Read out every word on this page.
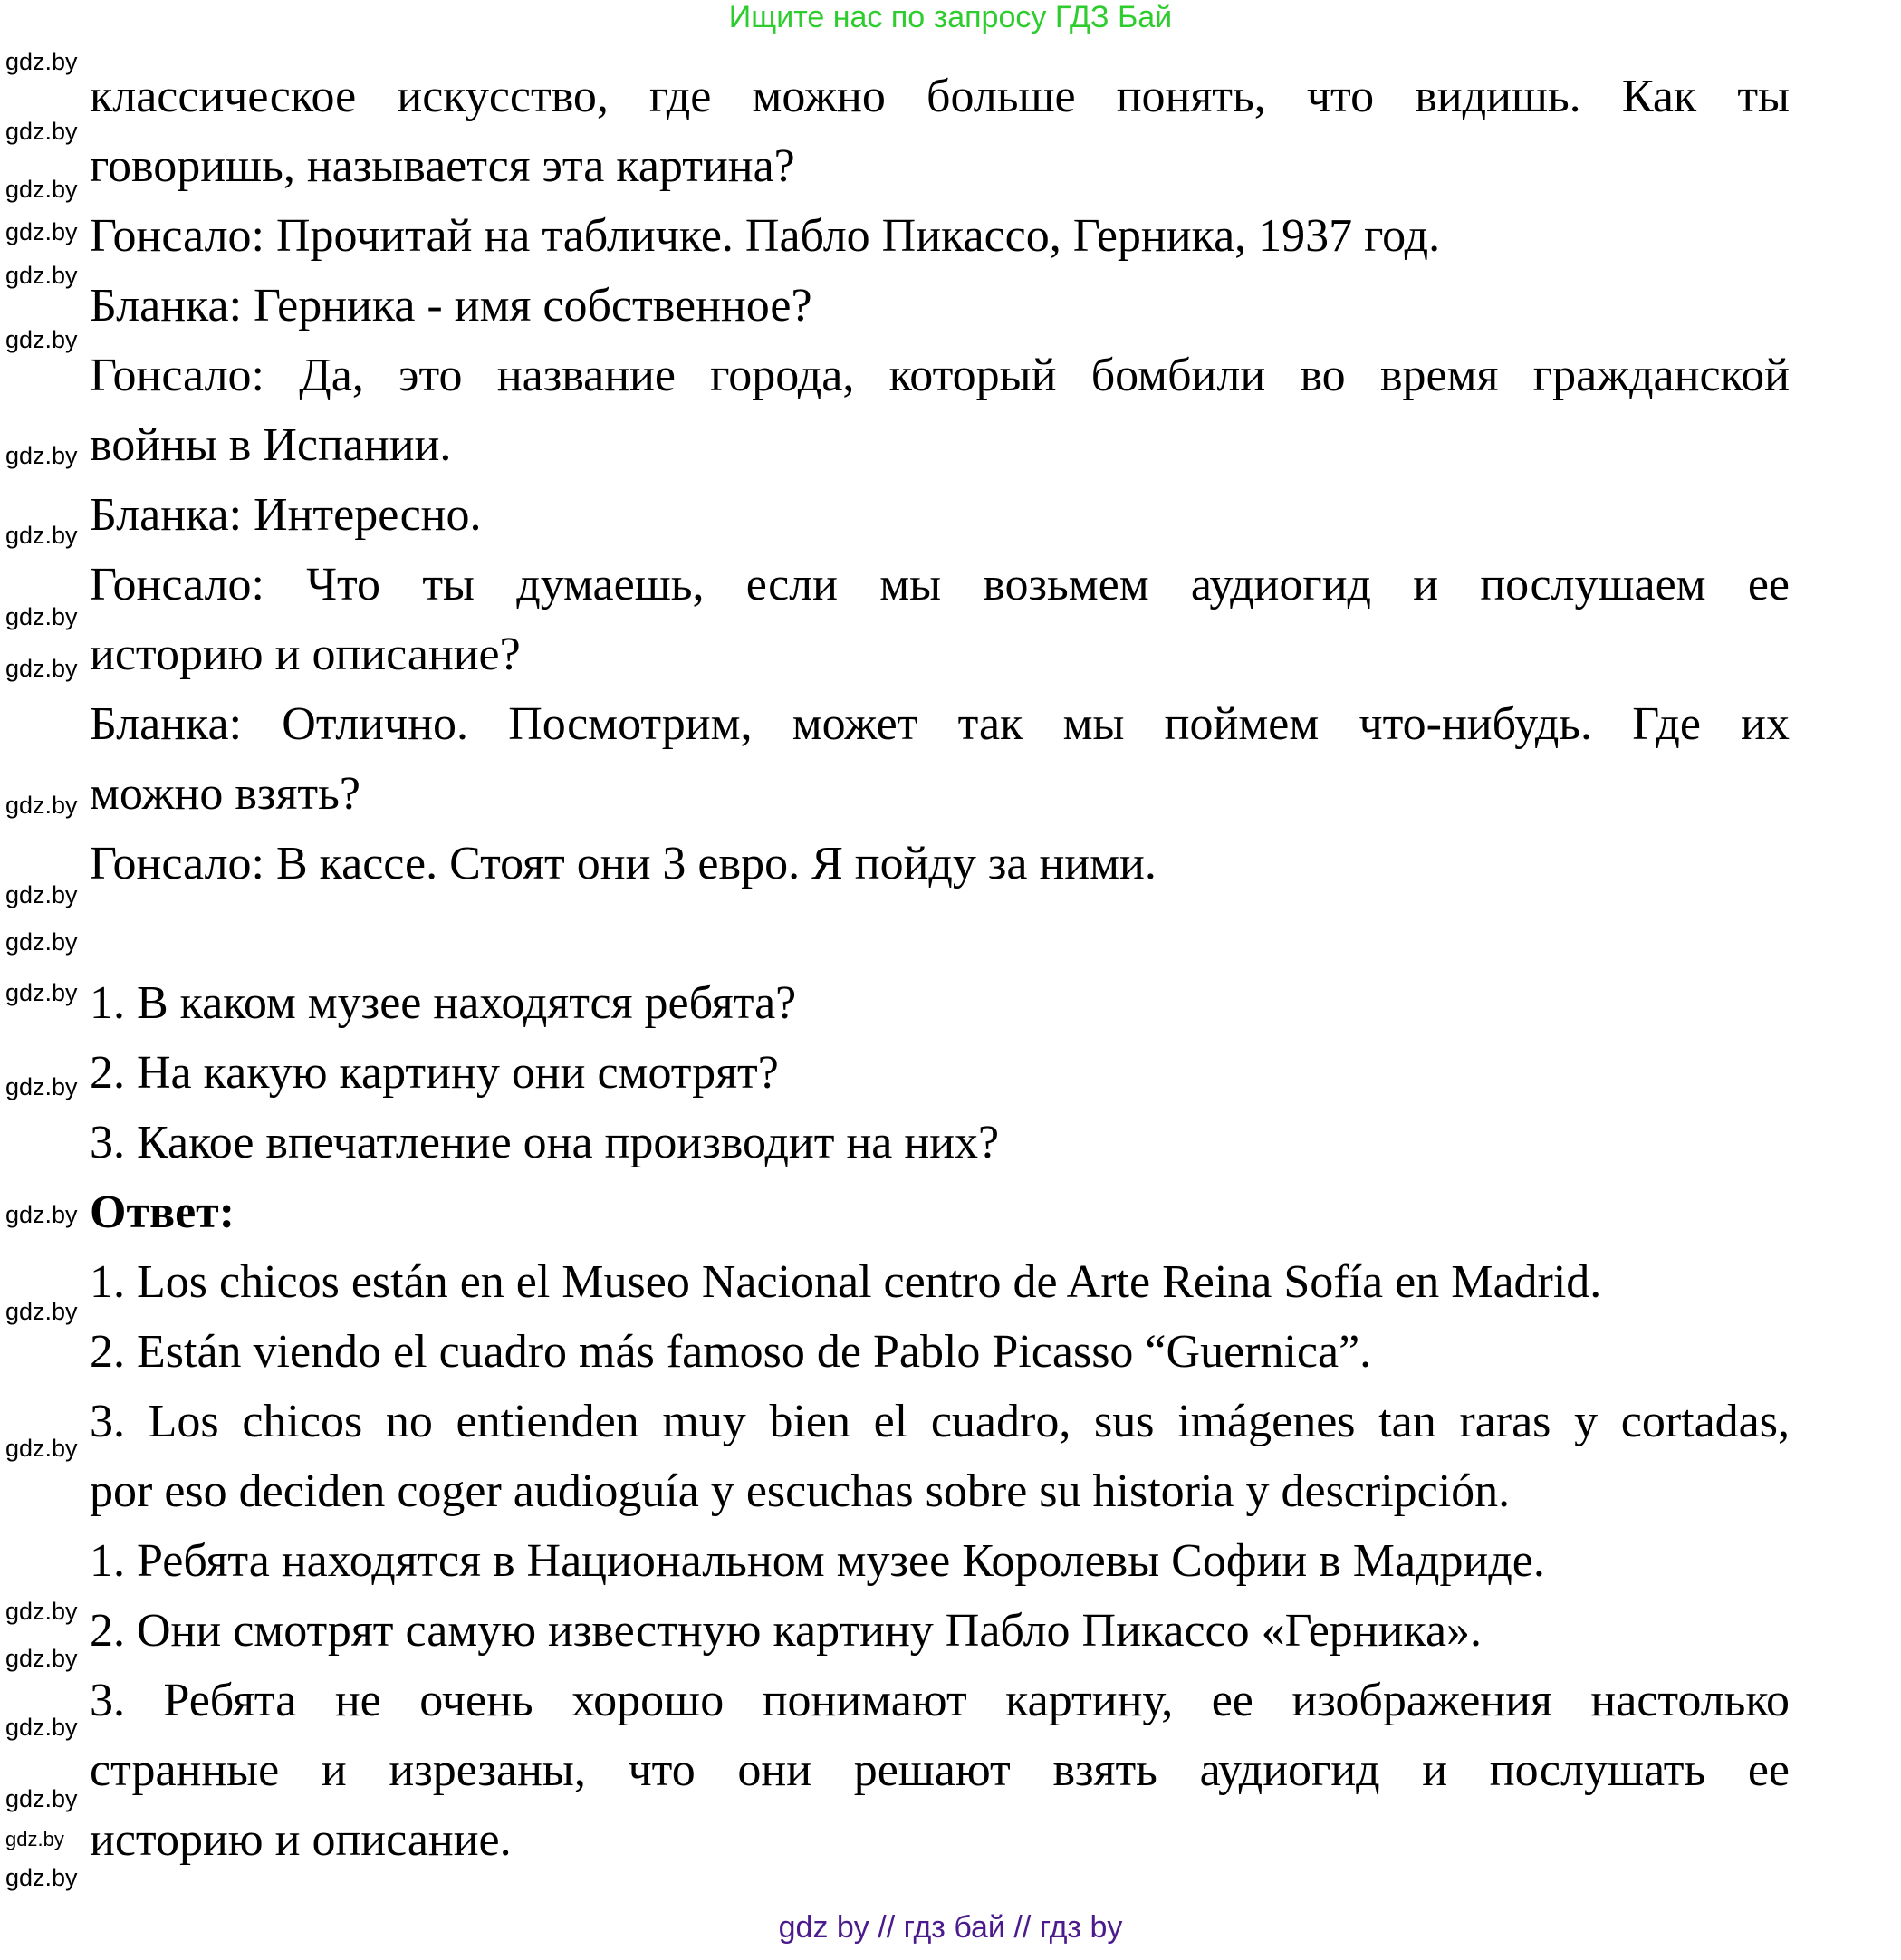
Ищите нас по запросу ГДЗ Бай
классическое искусство, где можно больше понять, что видишь. Как ты
говоришь, называется эта картина?
Гонсало: Прочитай на табличке. Пабло Пикассо, Герника, 1937 год.
Бланка: Герника - имя собственное?
Гонсало: Да, это название города, который бомбили во время гражданской
войны в Испании.
Бланка: Интересно.
Гонсало: Что ты думаешь, если мы возьмем аудиогид и послушаем ее
историю и описание?
Бланка: Отлично. Посмотрим, может так мы поймем что-нибудь. Где их
можно взять?
Гонсало: В кассе. Стоят они 3 евро. Я пойду за ними.
1. В каком музее находятся ребята?
2. На какую картину они смотрят?
3. Какое впечатление она производит на них?
Ответ:
1. Los chicos están en el Museo Nacional centro de Arte Reina Sofía en Madrid.
2. Están viendo el cuadro más famoso de Pablo Picasso “Guernica”.
3. Los chicos no entienden muy bien el cuadro, sus imágenes tan raras y cortadas,
por eso deciden coger audioguía y escuchas sobre su historia y descripción.
1. Ребята находятся в Национальном музее Королевы Софии в Мадриде.
2. Они смотрят самую известную картину Пабло Пикассо «Герника».
3. Ребята не очень хорошо понимают картину, ее изображения настолько
странные и изрезаны, что они решают взять аудиогид и послушать ее
историю и описание.
gdz.by
gdz.by
gdz.by
gdz.by
gdz.by
gdz.by
gdz.by
gdz.by
gdz.by
gdz.by
gdz.by
gdz.by
gdz.by
gdz.by
gdz.by
gdz.by
gdz.by
gdz.by
gdz.by
gdz.by
gdz.by
gdz.by
gdz.by
gdz.by
gdz by // гдз бай // гдз by
